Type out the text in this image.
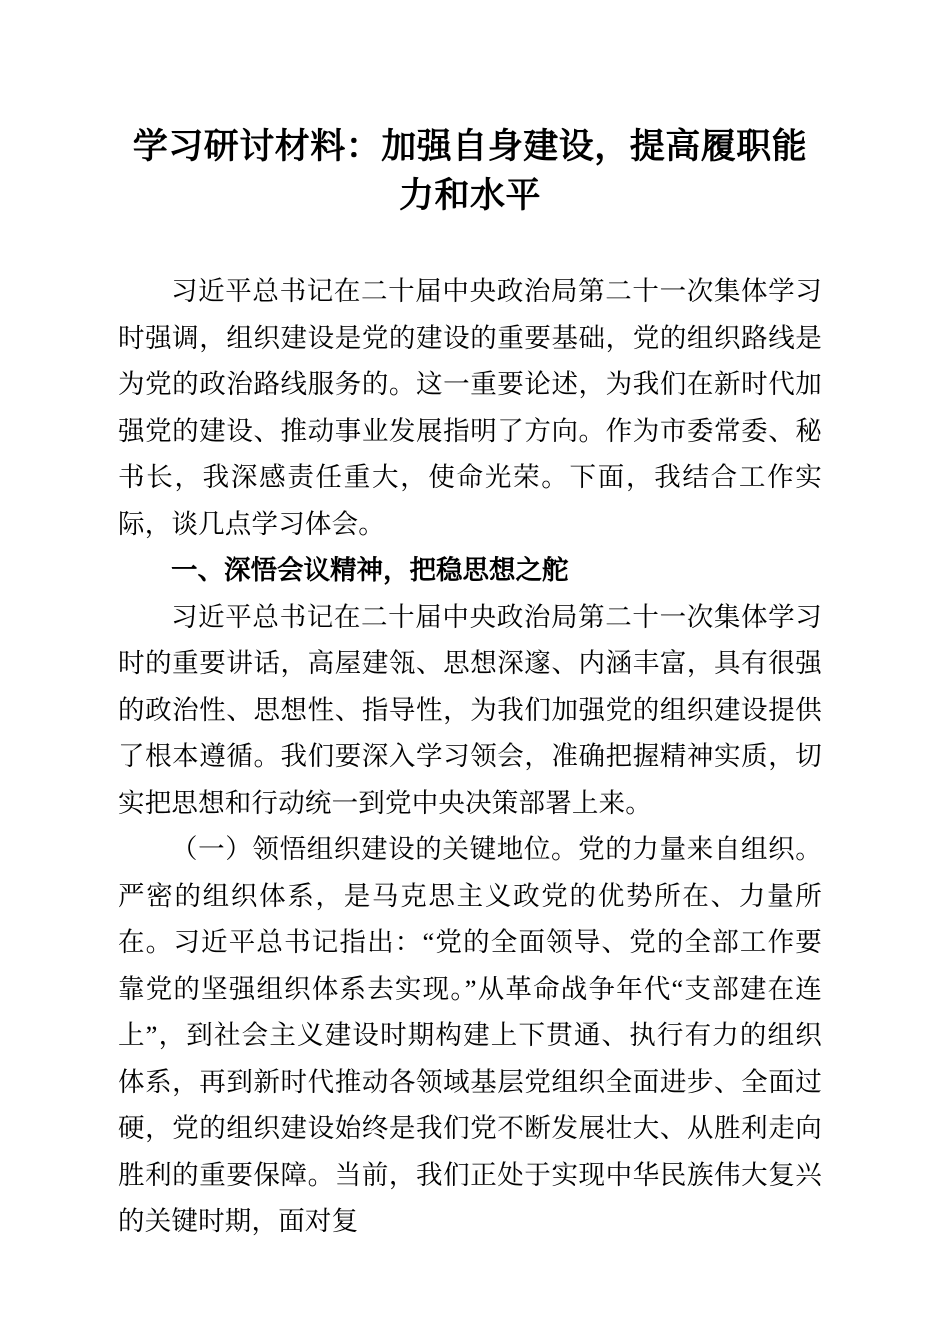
学习研讨材料：加强自身建设，提高履职能力和水平

习近平总书记在二十届中央政治局第二十一次集体学习时强调，组织建设是党的建设的重要基础，党的组织路线是为党的政治路线服务的。这一重要论述，为我们在新时代加强党的建设、推动事业发展指明了方向。作为市委常委、秘书长，我深感责任重大，使命光荣。下面，我结合工作实际，谈几点学习体会。

一、深悟会议精神，把稳思想之舵

习近平总书记在二十届中央政治局第二十一次集体学习时的重要讲话，高屋建瓴、思想深邃、内涵丰富，具有很强的政治性、思想性、指导性，为我们加强党的组织建设提供了根本遵循。我们要深入学习领会，准确把握精神实质，切实把思想和行动统一到党中央决策部署上来。

（一）领悟组织建设的关键地位。党的力量来自组织。严密的组织体系，是马克思主义政党的优势所在、力量所在。习近平总书记指出：“党的全面领导、党的全部工作要靠党的坚强组织体系去实现。”从革命战争年代“支部建在连上”，到社会主义建设时期构建上下贯通、执行有力的组织体系，再到新时代推动各领域基层党组织全面进步、全面过硬，党的组织建设始终是我们党不断发展壮大、从胜利走向胜利的重要保障。当前，我们正处于实现中华民族伟大复兴的关键时期，面对复
